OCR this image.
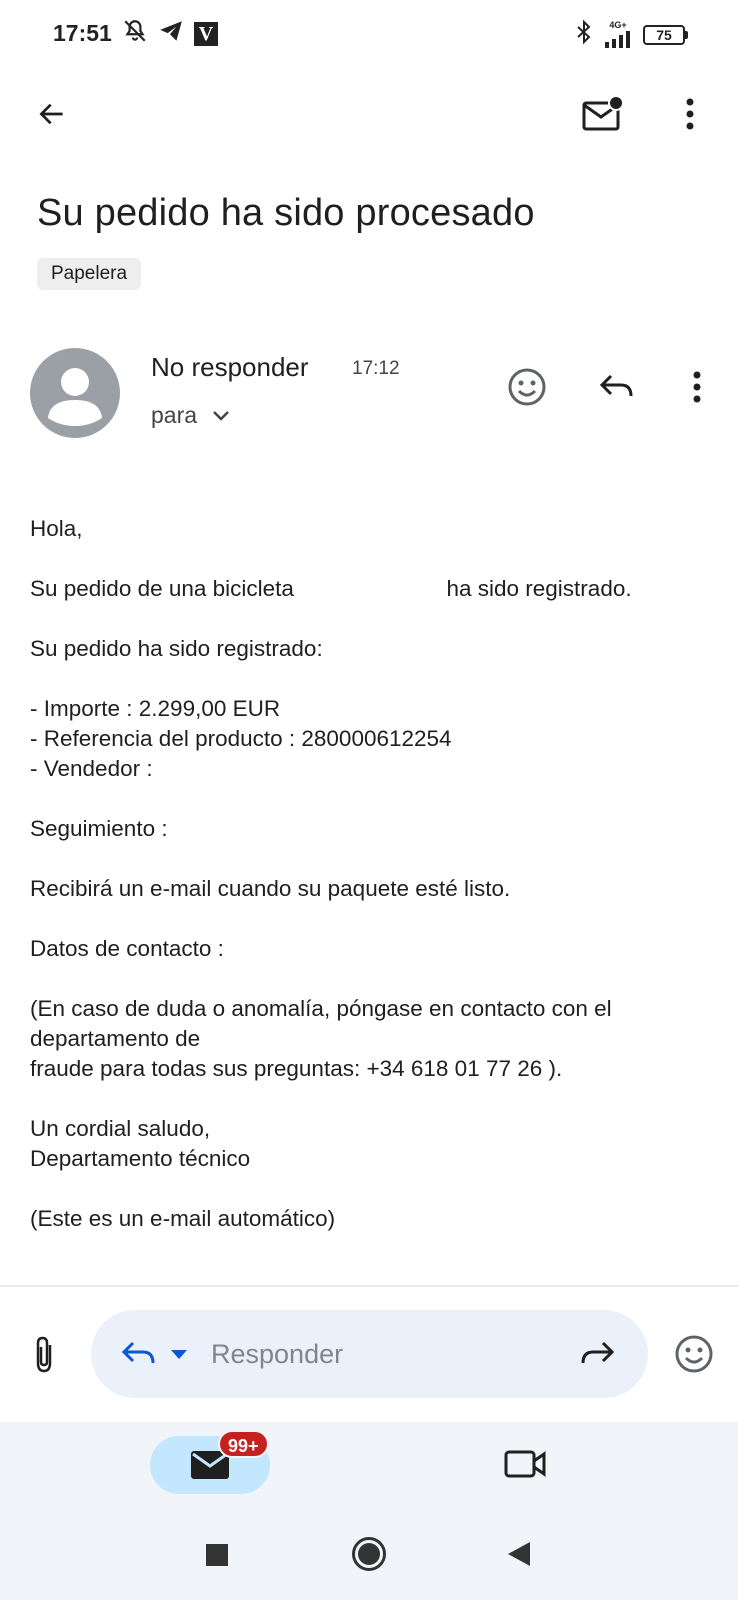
17:51	V	4G+
75
Su pedido ha sido procesado
Papelera
No responder 17:12
para

Hola,

Su pedido de una bicicleta	ha sido registrado.

Su pedido ha sido registrado:

- Importe : 2.299,00 EUR

- Referencia del producto : 280000612254

- Vendedor :

Seguimiento :

Recibirá un e-mail cuando su paquete esté listo.

Datos de contacto :

(En caso de duda o anomalía, póngase en contacto con el

departamento de

fraude para todas sus preguntas: +34 618 01 77 26 ).

Un cordial saludo,

Departamento técnico

(Este es un e-mail automático)

Responder
99+
